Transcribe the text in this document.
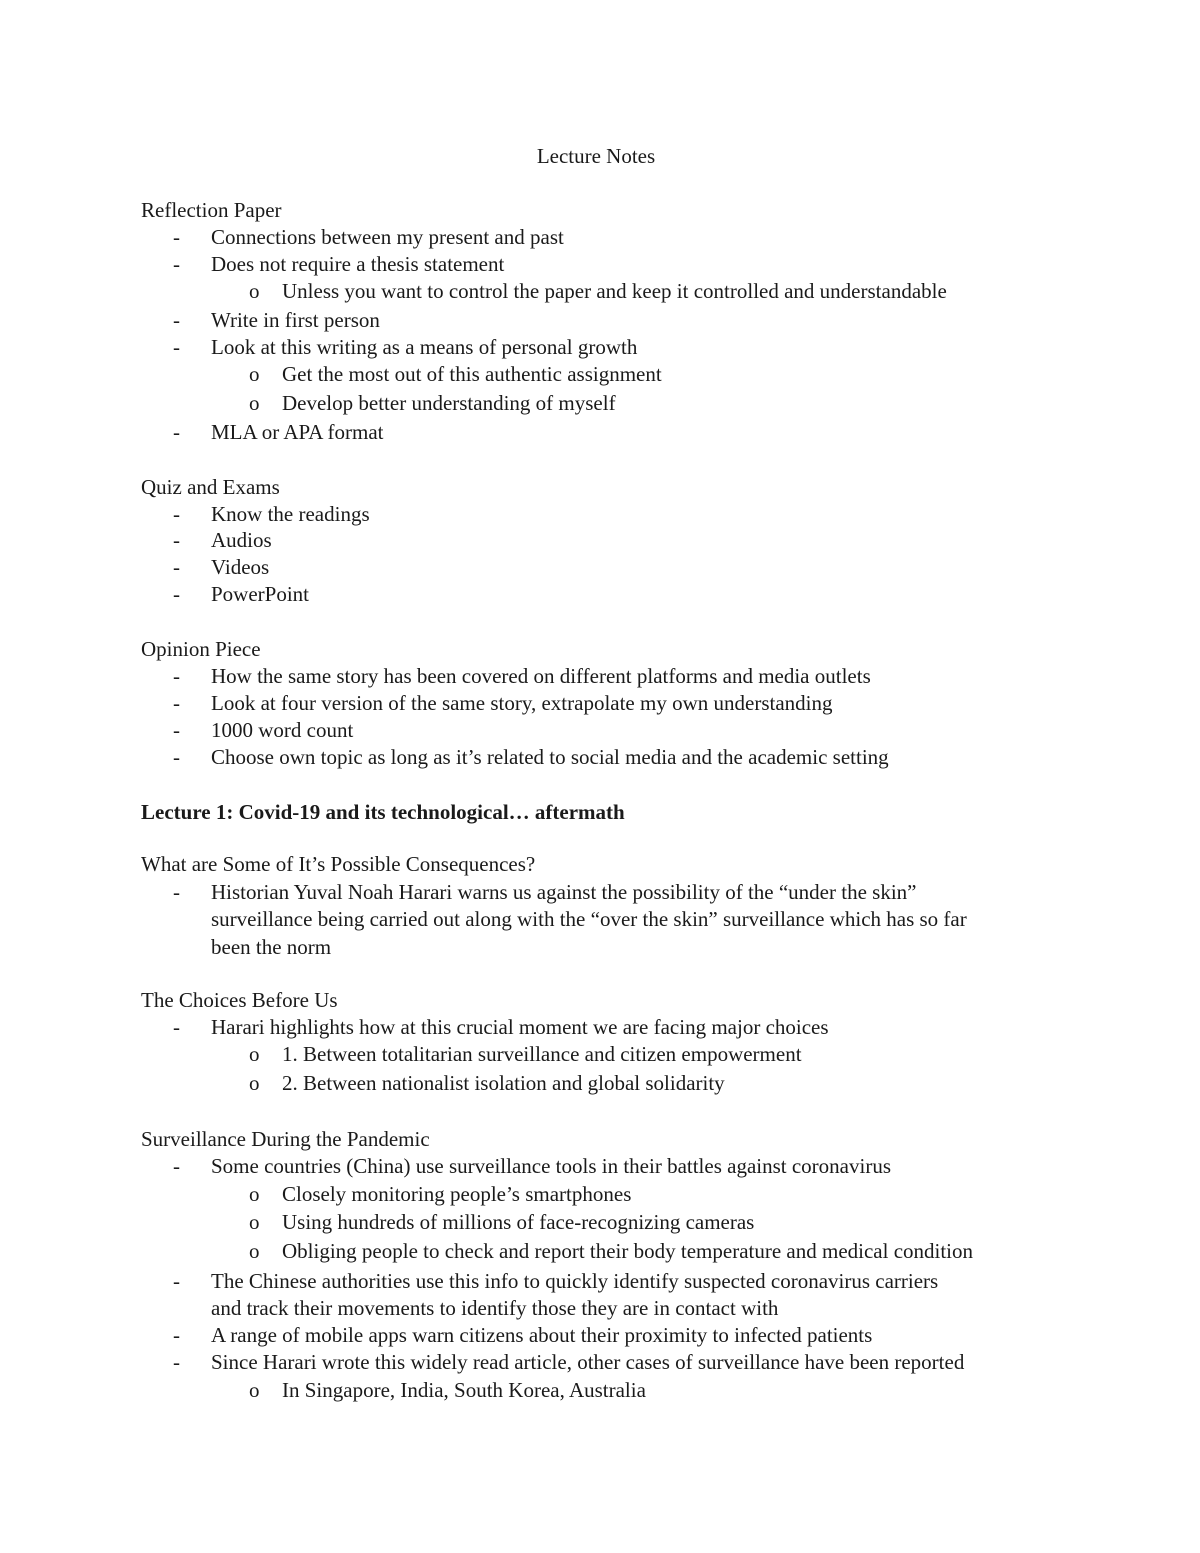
Lecture Notes
Reflection Paper
- Connections between my present and past
- Does not require a thesis statement
o Unless you want to control the paper and keep it controlled and understandable
- Write in first person
- Look at this writing as a means of personal growth
o Get the most out of this authentic assignment
o Develop better understanding of myself
- MLA or APA format
Quiz and Exams
- Know the readings
- Audios
- Videos
- PowerPoint
Opinion Piece
- How the same story has been covered on different platforms and media outlets
- Look at four version of the same story, extrapolate my own understanding
- 1000 word count
- Choose own topic as long as it’s related to social media and the academic setting
Lecture 1: Covid-19 and its technological… aftermath
What are Some of It’s Possible Consequences?
- Historian Yuval Noah Harari warns us against the possibility of the “under the skin”
surveillance being carried out along with the “over the skin” surveillance which has so far
been the norm
The Choices Before Us
- Harari highlights how at this crucial moment we are facing major choices
o 1. Between totalitarian surveillance and citizen empowerment
o 2. Between nationalist isolation and global solidarity
Surveillance During the Pandemic
- Some countries (China) use surveillance tools in their battles against coronavirus
o Closely monitoring people’s smartphones
o Using hundreds of millions of face-recognizing cameras
o Obliging people to check and report their body temperature and medical condition
- The Chinese authorities use this info to quickly identify suspected coronavirus carriers
and track their movements to identify those they are in contact with
- A range of mobile apps warn citizens about their proximity to infected patients
- Since Harari wrote this widely read article, other cases of surveillance have been reported
o In Singapore, India, South Korea, Australia
